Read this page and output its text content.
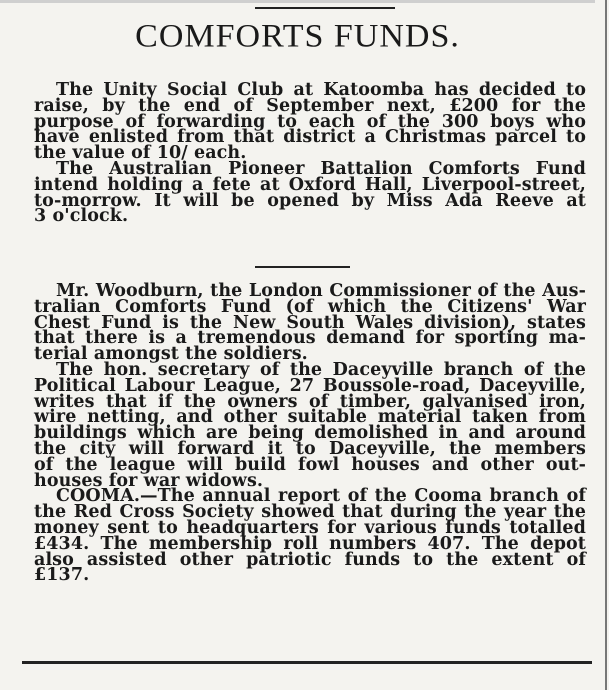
COMFORTS FUNDS.
The Unity Social Club at Katoomba has decided to
raise, by the end of September next, £200 for the
purpose of forwarding to each of the 300 boys who
have enlisted from that district a Christmas parcel to
the value of 10/ each.
The Australian Pioneer Battalion Comforts Fund
intend holding a fete at Oxford Hall, Liverpool-street,
to-morrow. It will be opened by Miss Ada Reeve at
3 o'clock.
Mr. Woodburn, the London Commissioner of the Aus-
tralian Comforts Fund (of which the Citizens' War
Chest Fund is the New South Wales division), states
that there is a tremendous demand for sporting ma-
terial amongst the soldiers.
The hon. secretary of the Daceyville branch of the
Political Labour League, 27 Boussole-road, Daceyville,
writes that if the owners of timber, galvanised iron,
wire netting, and other suitable material taken from
buildings which are being demolished in and around
the city will forward it to Daceyville, the members
of the league will build fowl houses and other out-
houses for war widows.
COOMA.—The annual report of the Cooma branch of
the Red Cross Society showed that during the year the
money sent to headquarters for various funds totalled
£434. The membership roll numbers 407. The depot
also assisted other patriotic funds to the extent of
£137.
